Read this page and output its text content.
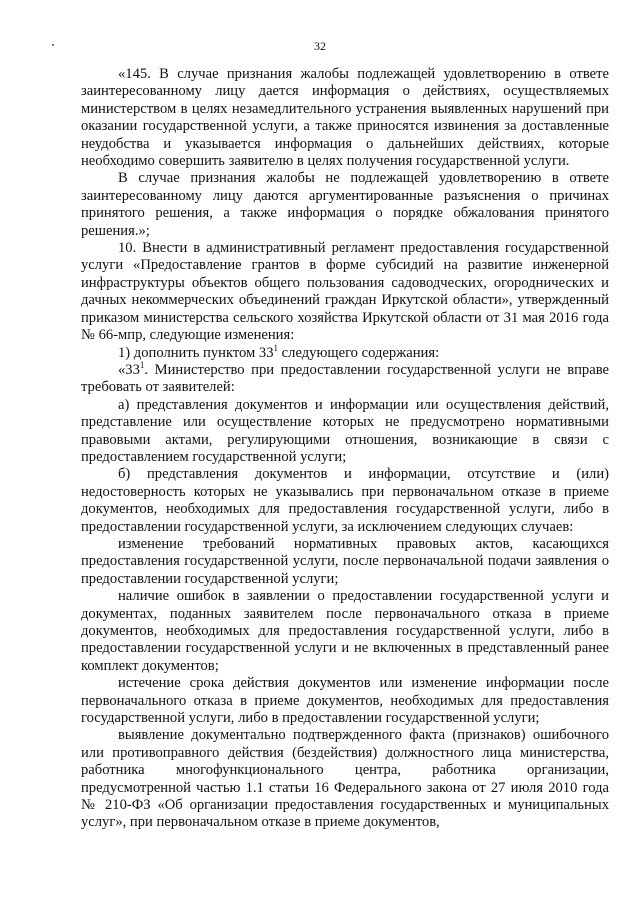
32

«145. В случае признания жалобы подлежащей удовлетворению в ответе заинтересованному лицу дается информация о действиях, осуществляемых министерством в целях незамедлительного устранения выявленных нарушений при оказании государственной услуги, а также приносятся извинения за доставленные неудобства и указывается информация о дальнейших действиях, которые необходимо совершить заявителю в целях получения государственной услуги.

В случае признания жалобы не подлежащей удовлетворению в ответе заинтересованному лицу даются аргументированные разъяснения о причинах принятого решения, а также информация о порядке обжалования принятого решения.»;

10. Внести в административный регламент предоставления государственной услуги «Предоставление грантов в форме субсидий на развитие инженерной инфраструктуры объектов общего пользования садоводческих, огороднических и дачных некоммерческих объединений граждан Иркутской области», утвержденный приказом министерства сельского хозяйства Иркутской области от 31 мая 2016 года № 66-мпр, следующие изменения:

1) дополнить пунктом $33^1$ следующего содержания:

«$33^1$. Министерство при предоставлении государственной услуги не вправе требовать от заявителей:

а) представления документов и информации или осуществления действий, представление или осуществление которых не предусмотрено нормативными правовыми актами, регулирующими отношения, возникающие в связи с предоставлением государственной услуги;

б) представления документов и информации, отсутствие и (или) недостоверность которых не указывались при первоначальном отказе в приеме документов, необходимых для предоставления государственной услуги, либо в предоставлении государственной услуги, за исключением следующих случаев:

изменение требований нормативных правовых актов, касающихся предоставления государственной услуги, после первоначальной подачи заявления о предоставлении государственной услуги;

наличие ошибок в заявлении о предоставлении государственной услуги и документах, поданных заявителем после первоначального отказа в приеме документов, необходимых для предоставления государственной услуги, либо в предоставлении государственной услуги и не включенных в представленный ранее комплект документов;

истечение срока действия документов или изменение информации после первоначального отказа в приеме документов, необходимых для предоставления государственной услуги, либо в предоставлении государственной услуги;

выявление документально подтвержденного факта (признаков) ошибочного или противоправного действия (бездействия) должностного лица министерства, работника многофункционального центра, работника организации, предусмотренной частью 1.1 статьи 16 Федерального закона от 27 июля 2010 года № 210-ФЗ «Об организации предоставления государственных и муниципальных услуг», при первоначальном отказе в приеме документов,
